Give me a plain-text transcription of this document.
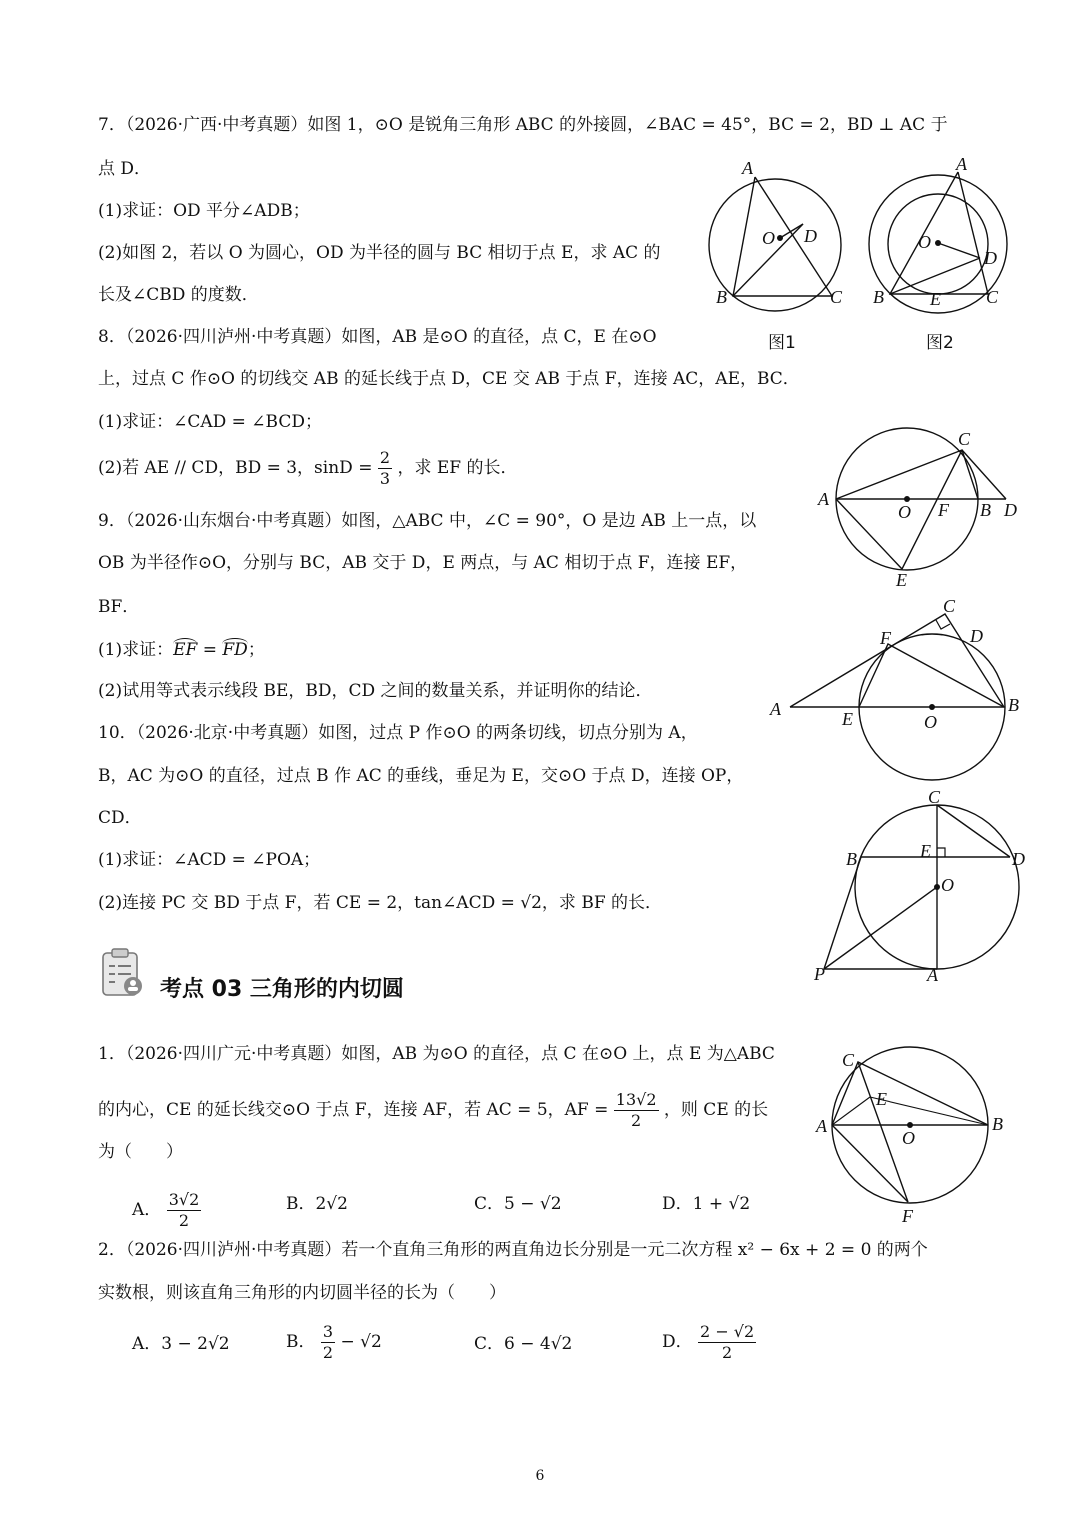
7．（2026·广西·中考真题）如图 1，⊙O 是锐角三角形 ABC 的外接圆，∠BAC = 45°，BC = 2，BD ⊥ AC 于
点 D．
(1)求证：OD 平分∠ADB；
(2)如图 2，若以 O 为圆心，OD 为半径的圆与 BC 相切于点 E，求 AC 的
长及∠CBD 的度数．
A
O D
B	C
图1
A
O
D
B	E	C
图2
8．（2026·四川泸州·中考真题）如图，AB 是⊙O 的直径，点 C，E 在⊙O
上，过点 C 作⊙O 的切线交 AB 的延长线于点 D，CE 交 AB 于点 F，连接 AC，AE，BC．
(1)求证：∠CAD = ∠BCD；
(2)若 AE // CD，BD = 3，$\sin D = \frac{2}{3}$ ，求 EF 的长．
C
A
O F B D
E
9．（2026·山东烟台·中考真题）如图，△ABC 中，∠C = 90°，O 是边 AB 上一点，以
OB 为半径作⊙O，分别与 BC，AB 交于 D，E 两点，与 AC 相切于点 F，连接 EF，
BF．
(1)求证：EF = FD；
(2)试用等式表示线段 BE，BD，CD 之间的数量关系，并证明你的结论．
C
F	D
A	E	O
B
10．（2026·北京·中考真题）如图，过点 P 作⊙O 的两条切线，切点分别为 A，
B，AC 为⊙O 的直径，过点 B 作 AC 的垂线，垂足为 E，交⊙O 于点 D，连接 OP，
CD．
(1)求证：∠ACD = ∠POA；
(2)连接 PC 交 BD 于点 F，若 CE = 2，tan∠ACD = √2，求 BF 的长．
C
B	E	D
O
P	A
考点 03 三角形的内切圆
1．（2026·四川广元·中考真题）如图，AB 为⊙O 的直径，点 C 在⊙O 上，点 E 为△ABC
的内心，CE 的延长线交⊙O 于点 F，连接 AF，若 AC = 5，AF = $\frac{13√2}{2}$ ，则 CE 的长
为（　　）
A． $\frac{3√2}{2}$	B．2√2	C．5 − √2	D．1 + √2
C
E
A
O
B
F
2．（2026·四川泸州·中考真题）若一个直角三角形的两直角边长分别是一元二次方程 x² − 6x + 2 = 0 的两个
实数根，则该直角三角形的内切圆半径的长为（　　）
A．3 − 2√2	B． $\frac{3}{2} - √2$	C．6 − 4√2	D． $\frac{2 - √2}{2}$
6
